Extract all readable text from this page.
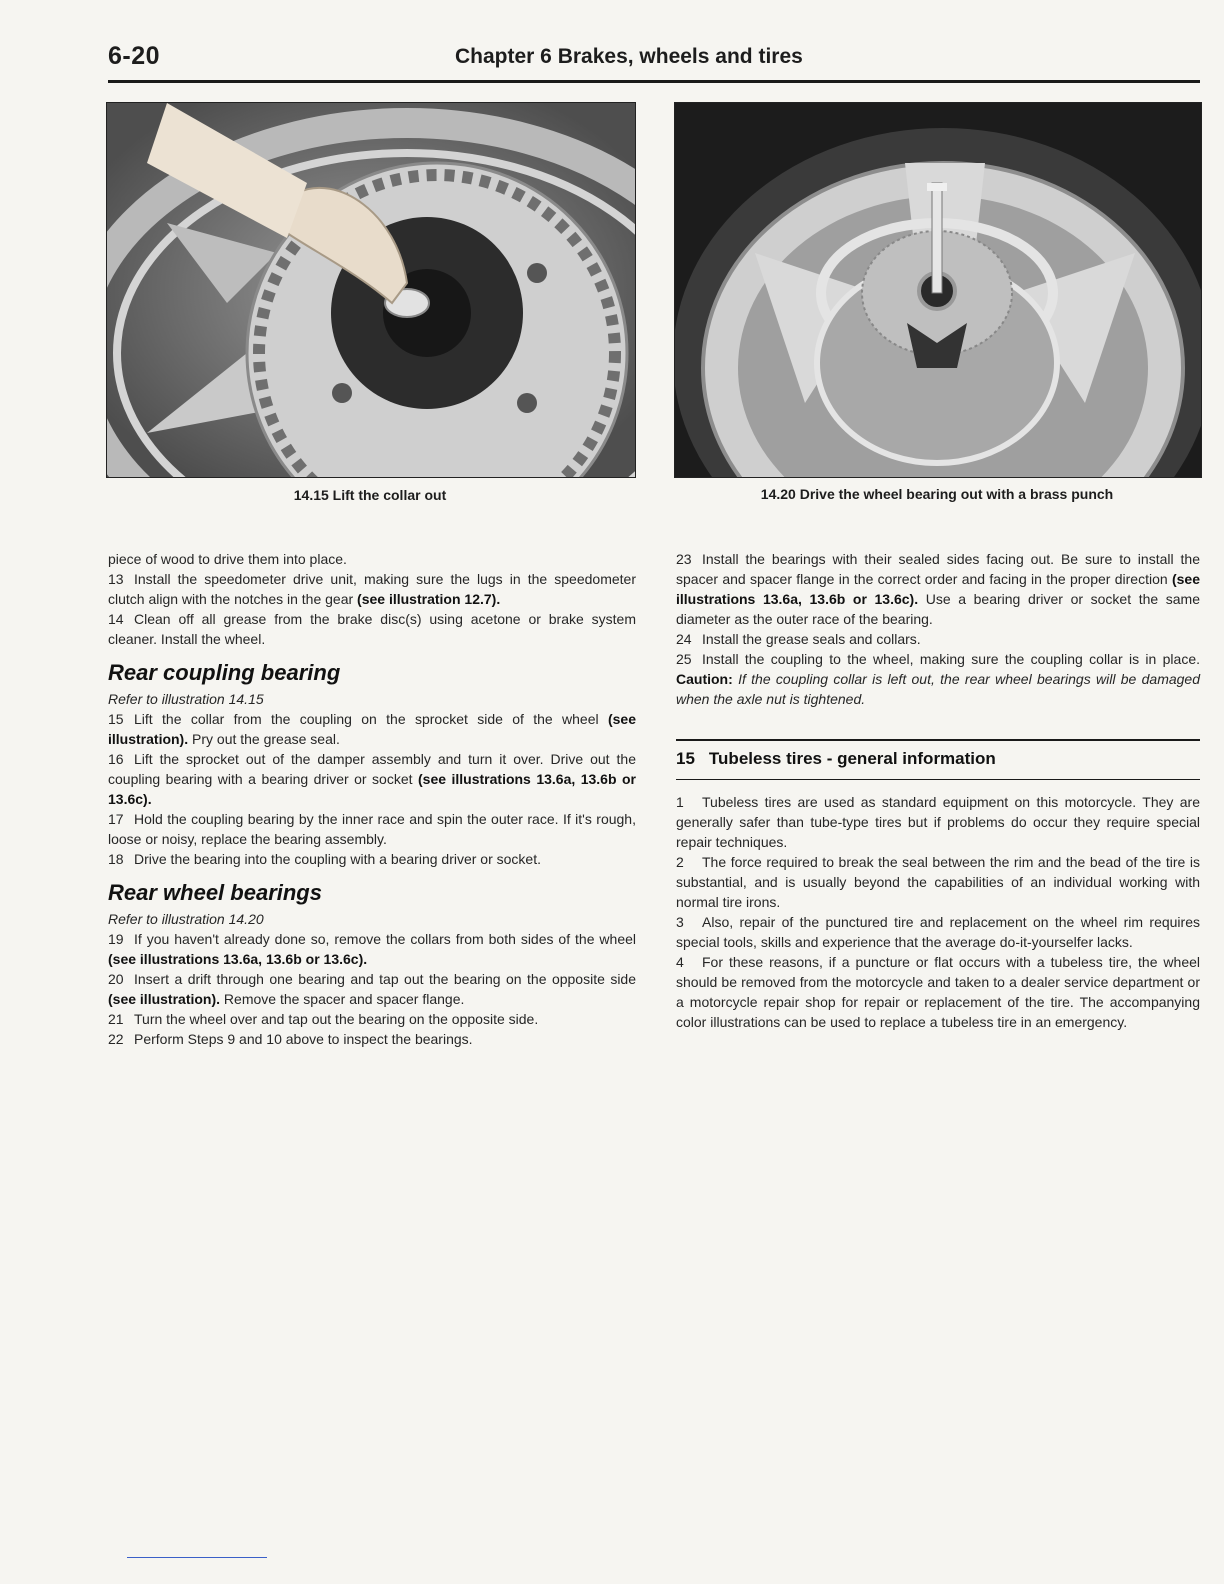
6-20	Chapter 6 Brakes, wheels and tires
14.15 Lift the collar out	14.20 Drive the wheel bearing out with a brass punch

piece of wood to drive them into place.

13 Install the speedometer drive unit, making sure the lugs in the speedometer clutch align with the notches in the gear (see illustration 12.7).

14 Clean off all grease from the brake disc(s) using acetone or brake system cleaner. Install the wheel.

Rear coupling bearing

Refer to illustration 14.15

15 Lift the collar from the coupling on the sprocket side of the wheel (see illustration). Pry out the grease seal.

16 Lift the sprocket out of the damper assembly and turn it over. Drive out the coupling bearing with a bearing driver or socket (see illustrations 13.6a, 13.6b or 13.6c).

17 Hold the coupling bearing by the inner race and spin the outer race. If it's rough, loose or noisy, replace the bearing assembly.

18 Drive the bearing into the coupling with a bearing driver or socket.

Rear wheel bearings

Refer to illustration 14.20

19 If you haven't already done so, remove the collars from both sides of the wheel (see illustrations 13.6a, 13.6b or 13.6c).

20 Insert a drift through one bearing and tap out the bearing on the opposite side (see illustration). Remove the spacer and spacer flange.

21 Turn the wheel over and tap out the bearing on the opposite side.

22 Perform Steps 9 and 10 above to inspect the bearings.

23 Install the bearings with their sealed sides facing out. Be sure to install the spacer and spacer flange in the correct order and facing in the proper direction (see illustrations 13.6a, 13.6b or 13.6c). Use a bearing driver or socket the same diameter as the outer race of the bearing.

24 Install the grease seals and collars.

25 Install the coupling to the wheel, making sure the coupling collar is in place. Caution: If the coupling collar is left out, the rear wheel bearings will be damaged when the axle nut is tightened.

15 Tubeless tires - general information

1 Tubeless tires are used as standard equipment on this motorcycle. They are generally safer than tube-type tires but if problems do occur they require special repair techniques.

2 The force required to break the seal between the rim and the bead of the tire is substantial, and is usually beyond the capabilities of an individual working with normal tire irons.

3 Also, repair of the punctured tire and replacement on the wheel rim requires special tools, skills and experience that the average do-it-yourselfer lacks.

4 For these reasons, if a puncture or flat occurs with a tubeless tire, the wheel should be removed from the motorcycle and taken to a dealer service department or a motorcycle repair shop for repair or replacement of the tire. The accompanying color illustrations can be used to replace a tubeless tire in an emergency.
